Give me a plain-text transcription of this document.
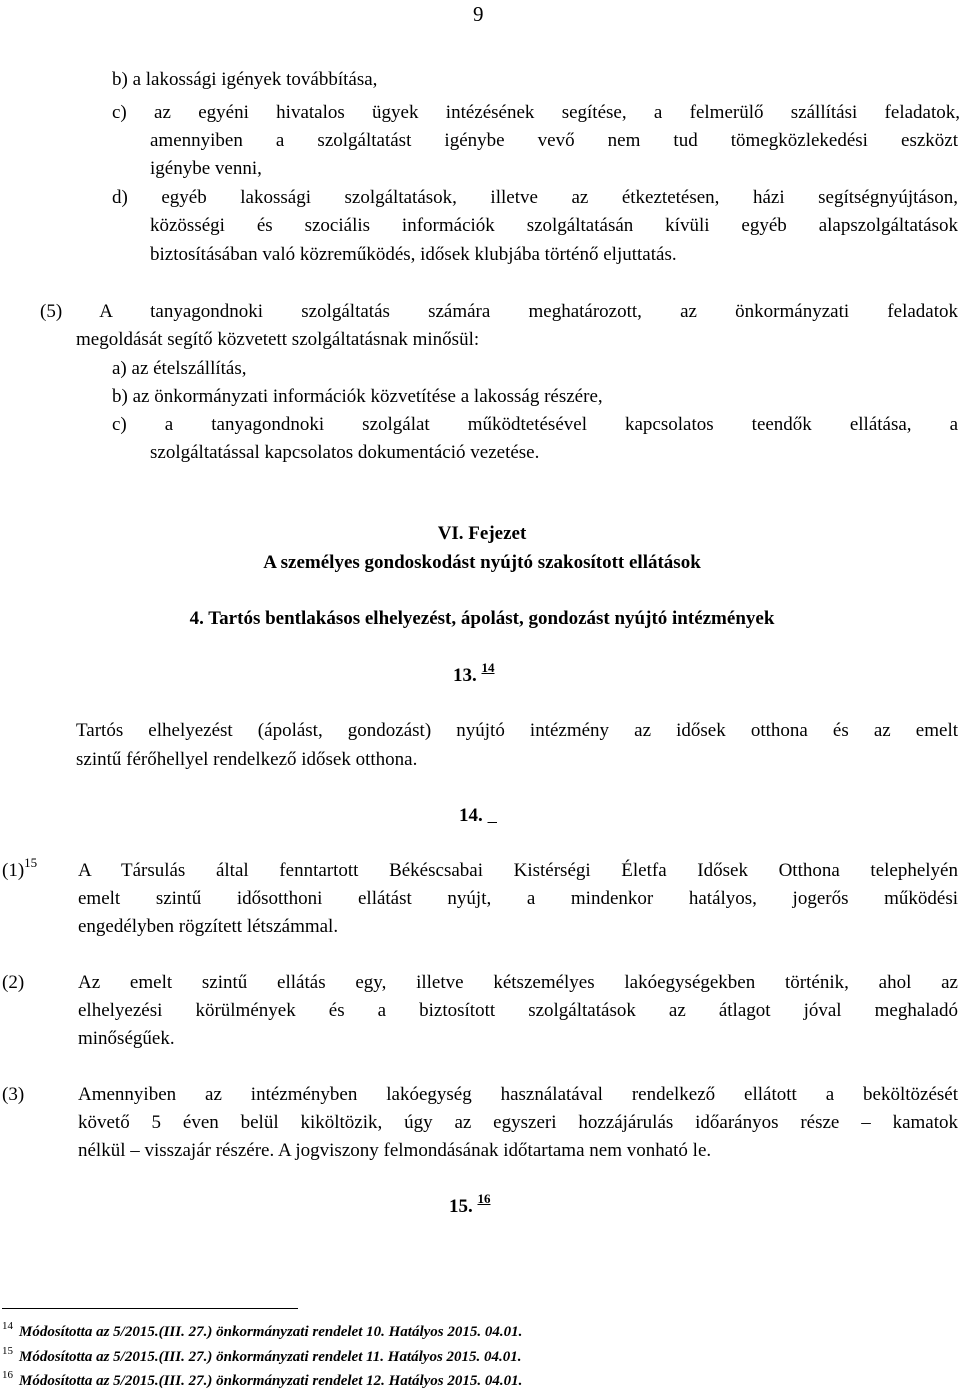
9
b) a lakossági igények továbbítása,
c) az egyéni hivatalos ügyek intézésének segítése, a felmerülő szállítási feladatok,
amennyiben a szolgáltatást igénybe vevő nem tud tömegközlekedési eszközt
igénybe venni,
d) egyéb lakossági szolgáltatások, illetve az étkeztetésen, házi segítségnyújtáson,
közösségi és szociális információk szolgáltatásán kívüli egyéb alapszolgáltatások
biztosításában való közreműködés, idősek klubjába történő eljuttatás.
(5) A tanyagondnoki szolgáltatás számára meghatározott, az önkormányzati feladatok
megoldását segítő közvetett szolgáltatásnak minősül:
a) az ételszállítás,
b) az önkormányzati információk közvetítése a lakosság részére,
c) a tanyagondnoki szolgálat működtetésével kapcsolatos teendők ellátása, a
szolgáltatással kapcsolatos dokumentáció vezetése.
VI. Fejezet
A személyes gondoskodást nyújtó szakosított ellátások
4. Tartós bentlakásos elhelyezést, ápolást, gondozást nyújtó intézmények
13. $^{14}$
Tartós elhelyezést (ápolást, gondozást) nyújtó intézmény az idősek otthona és az emelt
szintű férőhellyel rendelkező idősek otthona.
14.
$(1)^{15}$ A Társulás által fenntartott Békéscsabai Kistérségi Életfa Idősek Otthona telephelyén
emelt szintű idősotthoni ellátást nyújt, a mindenkor hatályos, jogerős működési
engedélyben rögzített létszámmal.
(2)	Az emelt szintű ellátás egy, illetve kétszemélyes lakóegységekben történik, ahol az
elhelyezési körülmények és a biztosított szolgáltatások az átlagot jóval meghaladó
minőségűek.
(3)	Amennyiben az intézményben lakóegység használatával rendelkező ellátott a beköltözését
követő 5 éven belül kiköltözik, úgy az egyszeri hozzájárulás időarányos része – kamatok
nélkül – visszajár részére. A jogviszony felmondásának időtartama nem vonható le.
15. $^{16}$
$^{14}$ Módosította az 5/2015.(III. 27.) önkormányzati rendelet 10. Hatályos 2015. 04.01.
$^{15}$ Módosította az 5/2015.(III. 27.) önkormányzati rendelet 11. Hatályos 2015. 04.01.
$^{16}$ Módosította az 5/2015.(III. 27.) önkormányzati rendelet 12. Hatályos 2015. 04.01.
